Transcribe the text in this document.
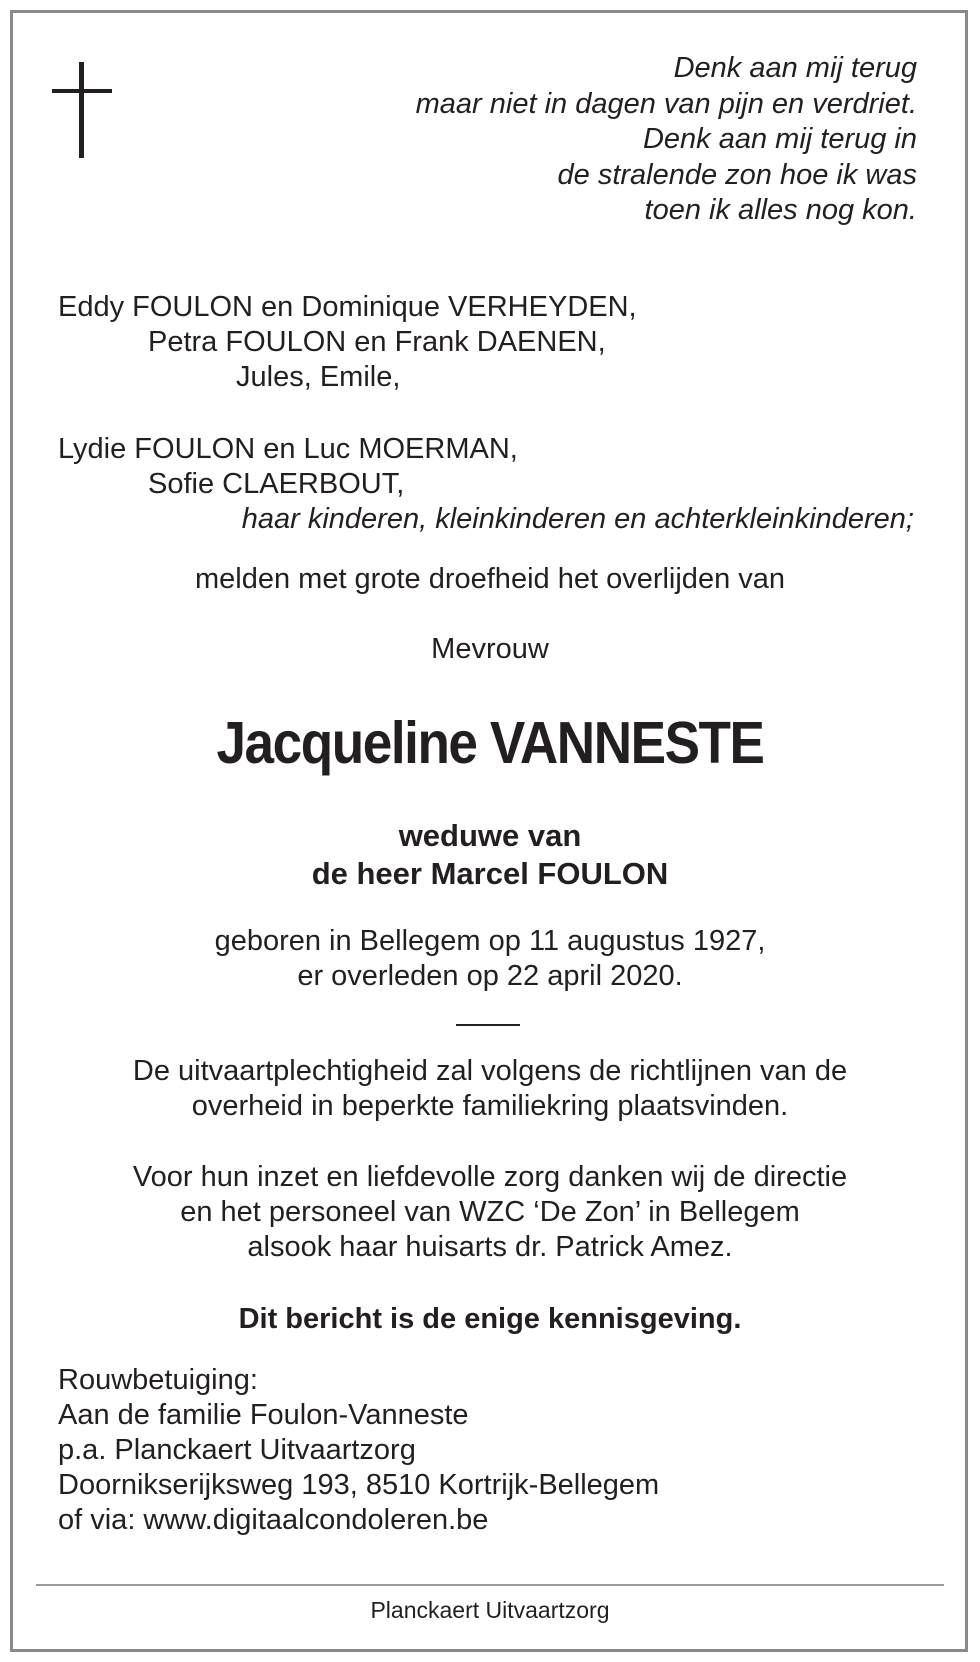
Denk aan mij terug
maar niet in dagen van pijn en verdriet.
Denk aan mij terug in
de stralende zon hoe ik was
toen ik alles nog kon.
Eddy FOULON en Dominique VERHEYDEN,
Petra FOULON en Frank DAENEN,
Jules, Emile,
Lydie FOULON en Luc MOERMAN,
Sofie CLAERBOUT,
haar kinderen, kleinkinderen en achterkleinkinderen;
melden met grote droefheid het overlijden van
Mevrouw
Jacqueline VANNESTE
weduwe van
de heer Marcel FOULON
geboren in Bellegem op 11 augustus 1927,
er overleden op 22 april 2020.
De uitvaartplechtigheid zal volgens de richtlijnen van de
overheid in beperkte familiekring plaatsvinden.
Voor hun inzet en liefdevolle zorg danken wij de directie
en het personeel van WZC ‘De Zon’ in Bellegem
alsook haar huisarts dr. Patrick Amez.
Dit bericht is de enige kennisgeving.
Rouwbetuiging:
Aan de familie Foulon-Vanneste
p.a. Planckaert Uitvaartzorg
Doornikserijksweg 193, 8510 Kortrijk-Bellegem
of via: www.digitaalcondoleren.be
Planckaert Uitvaartzorg
